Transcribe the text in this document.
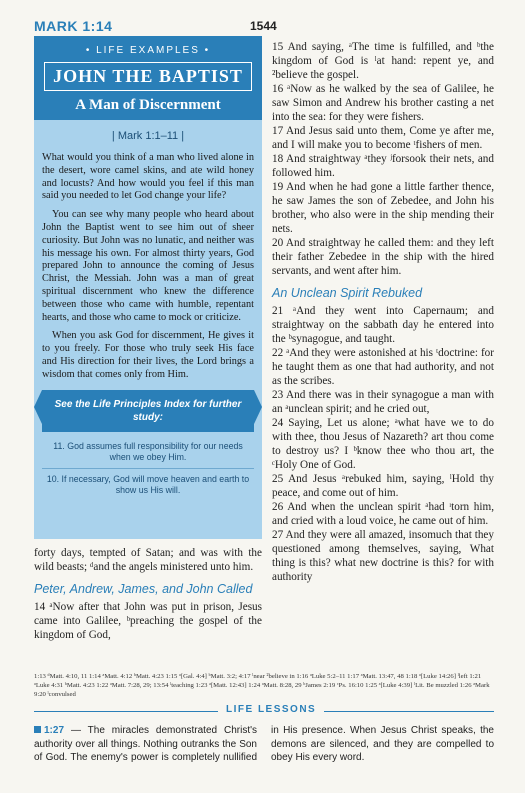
MARK 1:14	1544
• LIFE EXAMPLES •
JOHN THE BAPTIST
A Man of Discernment
| Mark 1:1–11 |

What would you think of a man who lived alone in the desert, wore camel skins, and ate wild honey and locusts? And how would you feel if this man said you needed to let God change your life?

You can see why many people who heard about John the Baptist went to see him out of sheer curiosity. But John was no lunatic, and neither was his message his own. For almost thirty years, God prepared John to announce the coming of Jesus Christ, the Messiah. John was a man of great spiritual discernment who knew the difference between those who came with humble, repentant hearts, and those who came to mock or criticize.

When you ask God for discernment, He gives it to you freely. For those who truly seek His face and His direction for their lives, the Lord brings a wisdom that comes only from Him.

See the Life Principles Index for further study:
11. God assumes full responsibility for our needs when we obey Him.
10. If necessary, God will move heaven and earth to show us His will.

forty days, tempted of Satan; and was with the wild beasts; ᵈand the angels ministered unto him.

Peter, Andrew, James, and John Called

14 ᵃNow after that John was put in prison, Jesus came into Galilee, ᵇpreaching the gospel of the kingdom of God,

15 And saying, ᵃThe time is fulfilled, and ᵇthe kingdom of God is ˡat hand: repent ye, and ²believe the gospel.

16 ᵃNow as he walked by the sea of Galilee, he saw Simon and Andrew his brother casting a net into the sea: for they were fishers.

17 And Jesus said unto them, Come ye after me, and I will make you to become ᵗfishers of men.

18 And straightway ᵃthey ʲforsook their nets, and followed him.

19 And when he had gone a little farther thence, he saw James the son of Zebedee, and John his brother, who also were in the ship mending their nets.

20 And straightway he called them: and they left their father Zebedee in the ship with the hired servants, and went after him.

An Unclean Spirit Rebuked

21 ᵃAnd they went into Capernaum; and straightway on the sabbath day he entered into the ᵇsynagogue, and taught.

22 ᵃAnd they were astonished at his ᵗdoctrine: for he taught them as one that had authority, and not as the scribes.

23 And there was in their synagogue a man with an ᵃunclean spirit; and he cried out,

24 Saying, Let us alone; ᵃwhat have we to do with thee, thou Jesus of Nazareth? art thou come to destroy us? I ᵇknow thee who thou art, the ᶜHoly One of God.

25 And Jesus ᵃrebuked him, saying, ˡHold thy peace, and come out of him.

26 And when the unclean spirit ᵃhad ᶦtorn him, and cried with a loud voice, he came out of him.

27 And they were all amazed, insomuch that they questioned among themselves, saying, What thing is this? what new doctrine is this? for with authority

1:13 ᵈMatt. 4:10, 11 1:14 ᵃMatt. 4:12 ᵇMatt. 4:23 1:15 ᵃ[Gal. 4:4] ᵇMatt. 3:2; 4:17 ˡnear ²believe in 1:16 ᵃLuke 5:2–11 1:17 ᵃMatt. 13:47, 48 1:18 ᵃ[Luke 14:26] ˡleft 1:21 ᵃLuke 4:31 ᵇMatt. 4:23 1:22 ᵃMatt. 7:28, 29; 13:54 ˡteaching 1:23 ᵃ[Matt. 12:43] 1:24 ᵃMatt. 8:28, 29 ᵇJames 2:19 ᶜPs. 16:10 1:25 ᵃ[Luke 4:39] ˡLit. Be muzzled 1:26 ᵃMark 9:20 ˡconvulsed
LIFE LESSONS
1:27 — The miracles demonstrated Christ's authority over all things. Nothing outranks the Son of God. The enemy's power is completely nullified in His presence. When Jesus Christ speaks, the demons are silenced, and they are compelled to obey His every word.
